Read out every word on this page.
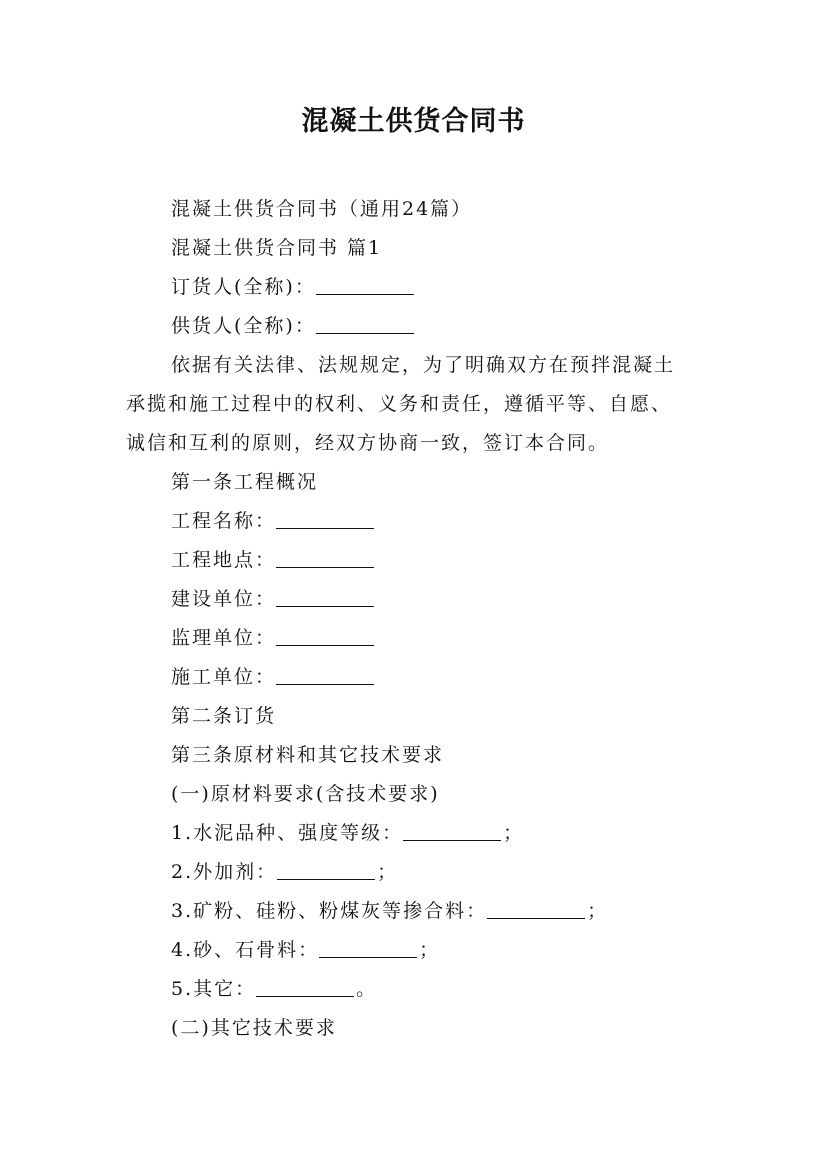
混凝土供货合同书
混凝土供货合同书（通用24篇）
混凝土供货合同书 篇1
订货人(全称)：
供货人(全称)：
依据有关法律、法规规定，为了明确双方在预拌混凝土
承揽和施工过程中的权利、义务和责任，遵循平等、自愿、
诚信和互利的原则，经双方协商一致，签订本合同。
第一条工程概况
工程名称：
工程地点：
建设单位：
监理单位：
施工单位：
第二条订货
第三条原材料和其它技术要求
(一)原材料要求(含技术要求)
1.水泥品种、强度等级：	；
2.外加剂：	；
3.矿粉、硅粉、粉煤灰等掺合料：	；
4.砂、石骨料：	；
5.其它：	。
(二)其它技术要求
